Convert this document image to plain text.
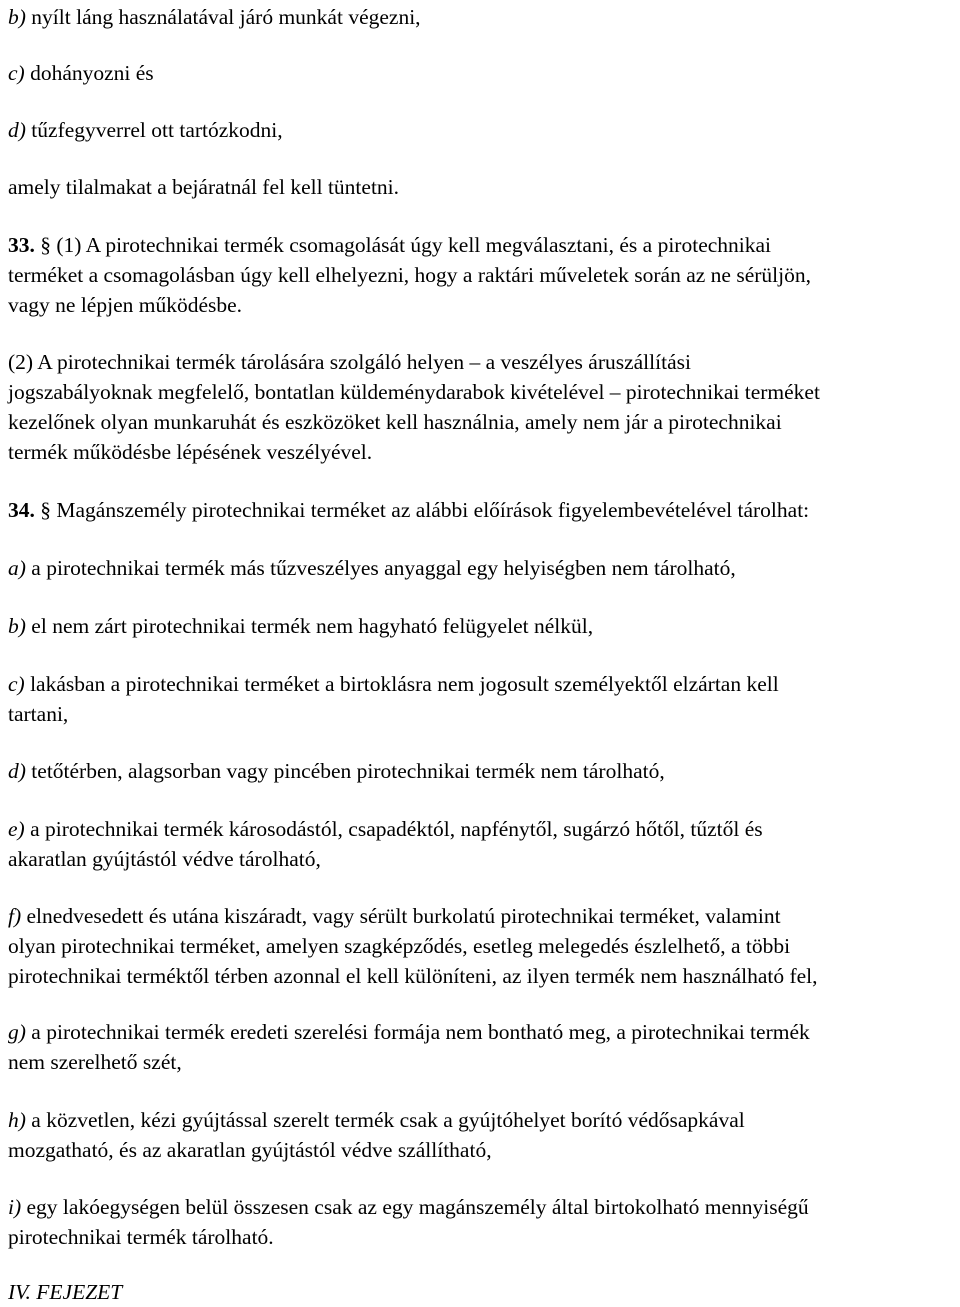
b) nyílt láng használatával járó munkát végezni,

c) dohányozni és

d) tűzfegyverrel ott tartózkodni,

amely tilalmakat a bejáratnál fel kell tüntetni.

33. § (1) A pirotechnikai termék csomagolását úgy kell megválasztani, és a pirotechnikai
terméket a csomagolásban úgy kell elhelyezni, hogy a raktári műveletek során az ne sérüljön,
vagy ne lépjen működésbe.
(2) A pirotechnikai termék tárolására szolgáló helyen – a veszélyes áruszállítási
jogszabályoknak megfelelő, bontatlan küldeménydarabok kivételével – pirotechnikai terméket
kezelőnek olyan munkaruhát és eszközöket kell használnia, amely nem jár a pirotechnikai
termék működésbe lépésének veszélyével.

34. § Magánszemély pirotechnikai terméket az alábbi előírások figyelembevételével tárolhat:

a) a pirotechnikai termék más tűzveszélyes anyaggal egy helyiségben nem tárolható,
b) el nem zárt pirotechnikai termék nem hagyható felügyelet nélkül,
c) lakásban a pirotechnikai terméket a birtoklásra nem jogosult személyektől elzártan kell
tartani,
d) tetőtérben, alagsorban vagy pincében pirotechnikai termék nem tárolható,
e) a pirotechnikai termék károsodástól, csapadéktól, napfénytől, sugárzó hőtől, tűztől és
akaratlan gyújtástól védve tárolható,
f) elnedvesedett és utána kiszáradt, vagy sérült burkolatú pirotechnikai terméket, valamint
olyan pirotechnikai terméket, amelyen szagképződés, esetleg melegedés észlelhető, a többi
pirotechnikai terméktől térben azonnal el kell különíteni, az ilyen termék nem használható fel,
g) a pirotechnikai termék eredeti szerelési formája nem bontható meg, a pirotechnikai termék
nem szerelhető szét,
h) a közvetlen, kézi gyújtással szerelt termék csak a gyújtóhelyet borító védősapkával
mozgatható, és az akaratlan gyújtástól védve szállítható,
i) egy lakóegységen belül összesen csak az egy magánszemély által birtokolható mennyiségű
pirotechnikai termék tárolható.

IV. FEJEZET
